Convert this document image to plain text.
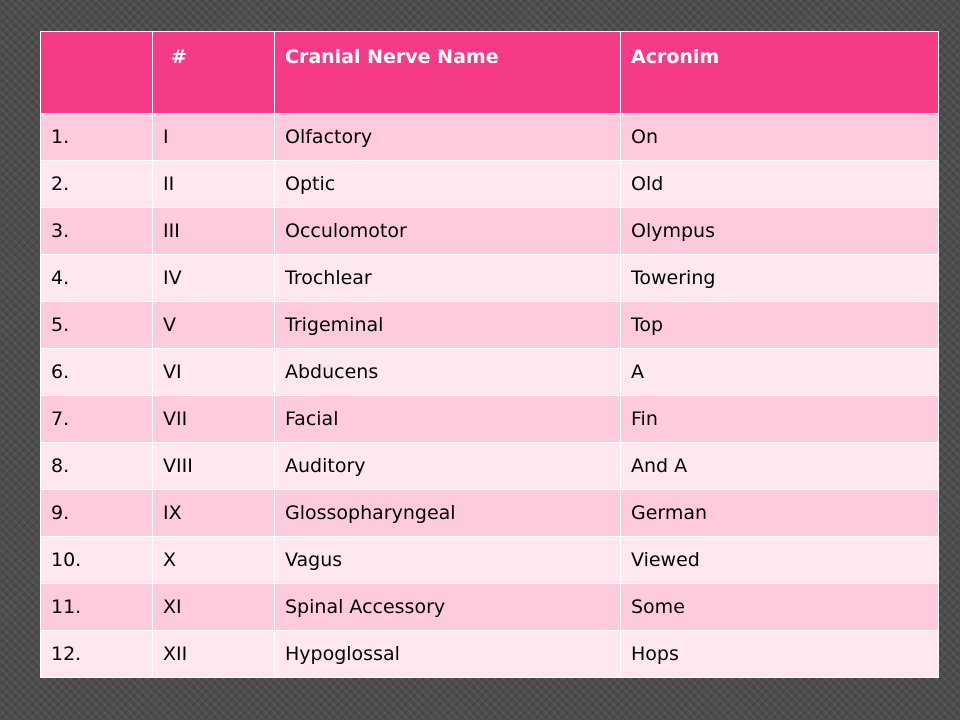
	#	Cranial Nerve Name	Acronim
1.	I	Olfactory	On
2.	II	Optic	Old
3.	III	Occulomotor	Olympus
4.	IV	Trochlear	Towering
5.	V	Trigeminal	Top
6.	VI	Abducens	A
7.	VII	Facial	Fin
8.	VIII	Auditory	And A
9.	IX	Glossopharyngeal	German
10.	X	Vagus	Viewed
11.	XI	Spinal Accessory	Some
12.	XII	Hypoglossal	Hops
